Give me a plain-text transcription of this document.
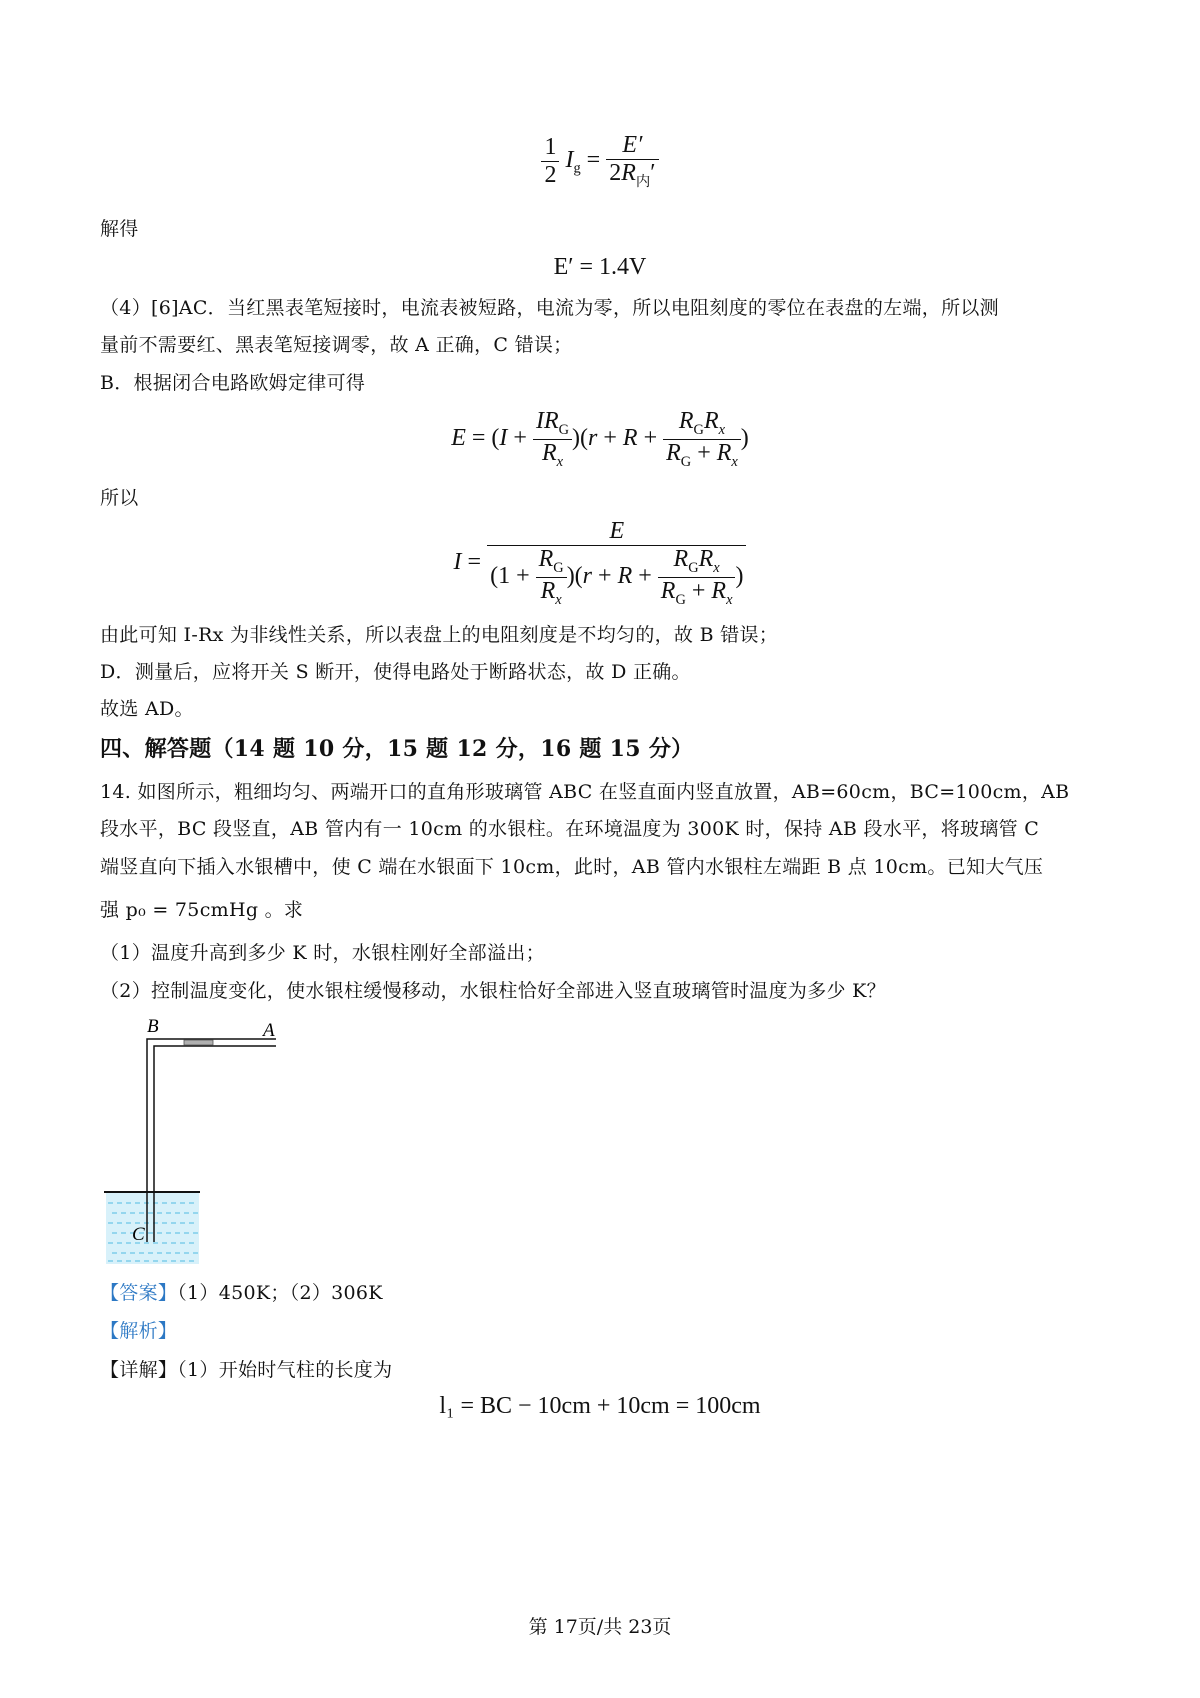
$\frac{1}{2} I_g = \frac{E'}{2R_内'}$
解得
E′ = 1.4V
（4）[6]AC．当红黑表笔短接时，电流表被短路，电流为零，所以电阻刻度的零位在表盘的左端，所以测
量前不需要红、黑表笔短接调零，故 A 正确，C 错误；
B．根据闭合电路欧姆定律可得
$E = (I + \frac{IR_G}{R_x} )(r + R + \frac{R_GR_x}{R_G + R_x}$ )
所以
$I = \frac{E}{(1 + \frac{R_G}{R_x} )(r + R + \frac{R_GR_x}{R_G + R_x} )}$
由此可知 I-Rx 为非线性关系，所以表盘上的电阻刻度是不均匀的，故 B 错误；
D．测量后，应将开关 S 断开，使得电路处于断路状态，故 D 正确。
故选 AD。
四、解答题（14 题 10 分，15 题 12 分，16 题 15 分）
14. 如图所示，粗细均匀、两端开口的直角形玻璃管 ABC 在竖直面内竖直放置，AB=60cm，BC=100cm，AB
段水平，BC 段竖直，AB 管内有一 10cm 的水银柱。在环境温度为 300K 时，保持 AB 段水平，将玻璃管 C
端竖直向下插入水银槽中，使 C 端在水银面下 10cm，此时，AB 管内水银柱左端距 B 点 10cm。已知大气压
强 p₀ = 75cmHg 。求
（1）温度升高到多少 K 时，水银柱刚好全部溢出；
（2）控制温度变化，使水银柱缓慢移动，水银柱恰好全部进入竖直玻璃管时温度为多少 K？
B	A
C
【答案】（1）450K；（2）306K
【解析】
【详解】（1）开始时气柱的长度为
l₁ = BC − 10cm + 10cm = 100cm
第 17页/共 23页
